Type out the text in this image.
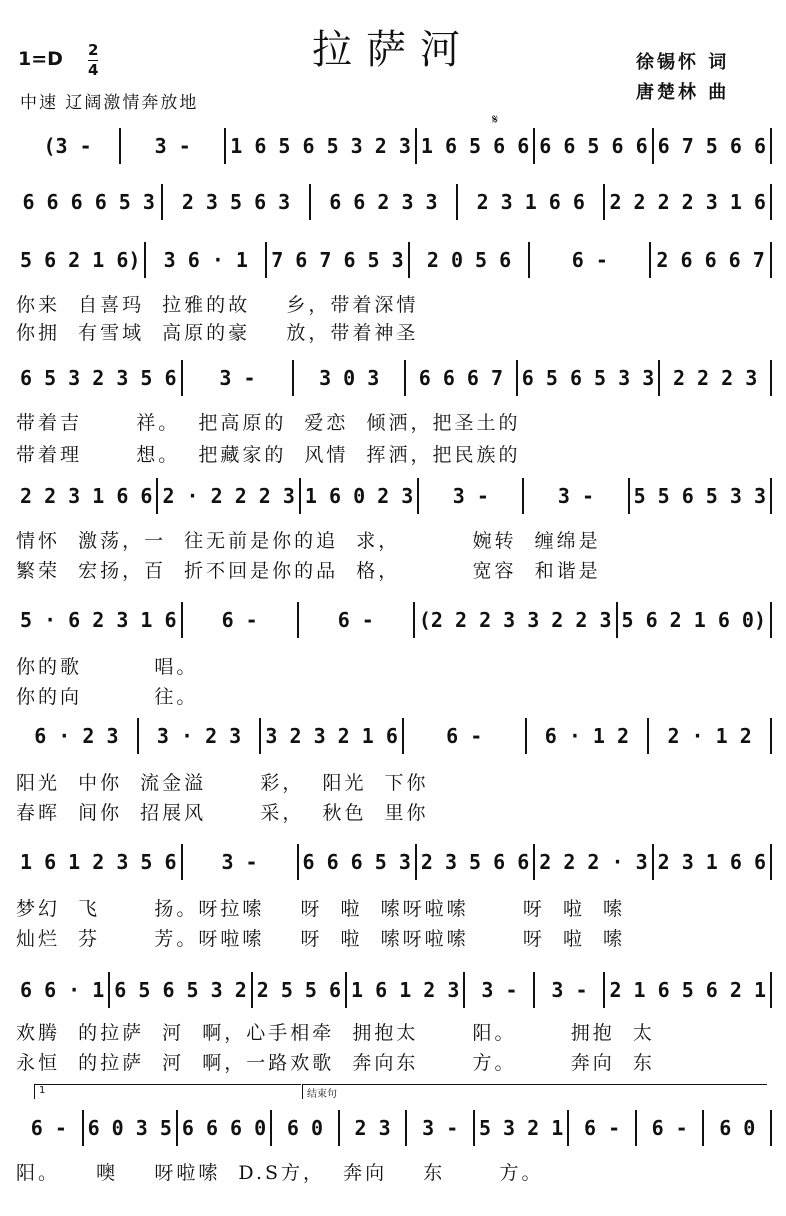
拉萨河
1=D 2
4
中速 辽阔激情奔放地
徐锡怀 词
唐楚林 曲
𝄋
(3 -	3 -	1 6 5 6 5 3 2 3 1 6 5 6 6 6 6 5 6 6 6 7 5 6 6
6 6 6 6 5 3	2 3 5 6 3	6 6 2 3 3	2 3 1 6 6	2 2 2 2 3 1 6
5 6 2 1 6)	3 6 · 1	7 6 7 6 5 3	2 0 5 6	6 -	2 6 6 6 7
6 5 3 2 3 5 6	3 -	3 0 3	6 6 6 7 6 5 6 5 3 3 2 2 2 3
2 2 3 1 6 6 2 · 2 2 2 3 1 6 0 2 3	3 -	3 -	5 5 6 5 3 3
5 · 6 2 3 1 6	6 -	6 -	(2 2 2 3 3 2 2 3 5 6 2 1 6 0)
6 · 2 3	3 · 2 3	3 2 3 2 1 6	6 -	6 · 1 2	2 · 1 2
1 6 1 2 3 5 6	3 -	6 6 6 5 3 2 3 5 6 6 2 2 2 · 3 2 3 1 6 6
6 6 · 1 6 5 6 5 3 2 2 5 5 6 1 6 1 2 3	3 -	3 -	2 1 6 5 6 2 1
6 -	6 0 3 5 6 6 6 0	6 0	2 3	3 -	5 3 2 1	6 -	6 -	6 0
你来  自喜玛  拉雅的故    乡，带着深情
你拥  有雪域  高原的豪    放，带着神圣
带着吉      祥。  把高原的  爱恋  倾洒，把圣土的
带着理      想。  把藏家的  风情  挥洒，把民族的
情怀  激荡，一  往无前是你的追  求，        婉转  缠绵是
繁荣  宏扬，百  折不回是你的品  格，        宽容  和谐是
你的歌        唱。
你的向        往。
阳光  中你  流金溢      彩，  阳光  下你
春晖  间你  招展风      采，  秋色  里你
梦幻  飞      扬。呀拉嗦    呀  啦  嗦呀啦嗦      呀  啦  嗦
灿烂  芬      芳。呀啦嗦    呀  啦  嗦呀啦嗦      呀  啦  嗦
欢腾  的拉萨  河  啊，心手相牵  拥抱太      阳。      拥抱  太
永恒  的拉萨  河  啊，一路欢歌  奔向东      方。      奔向  东
阳。    噢    呀啦嗦  D.S方，  奔向    东      方。
1	结束句
